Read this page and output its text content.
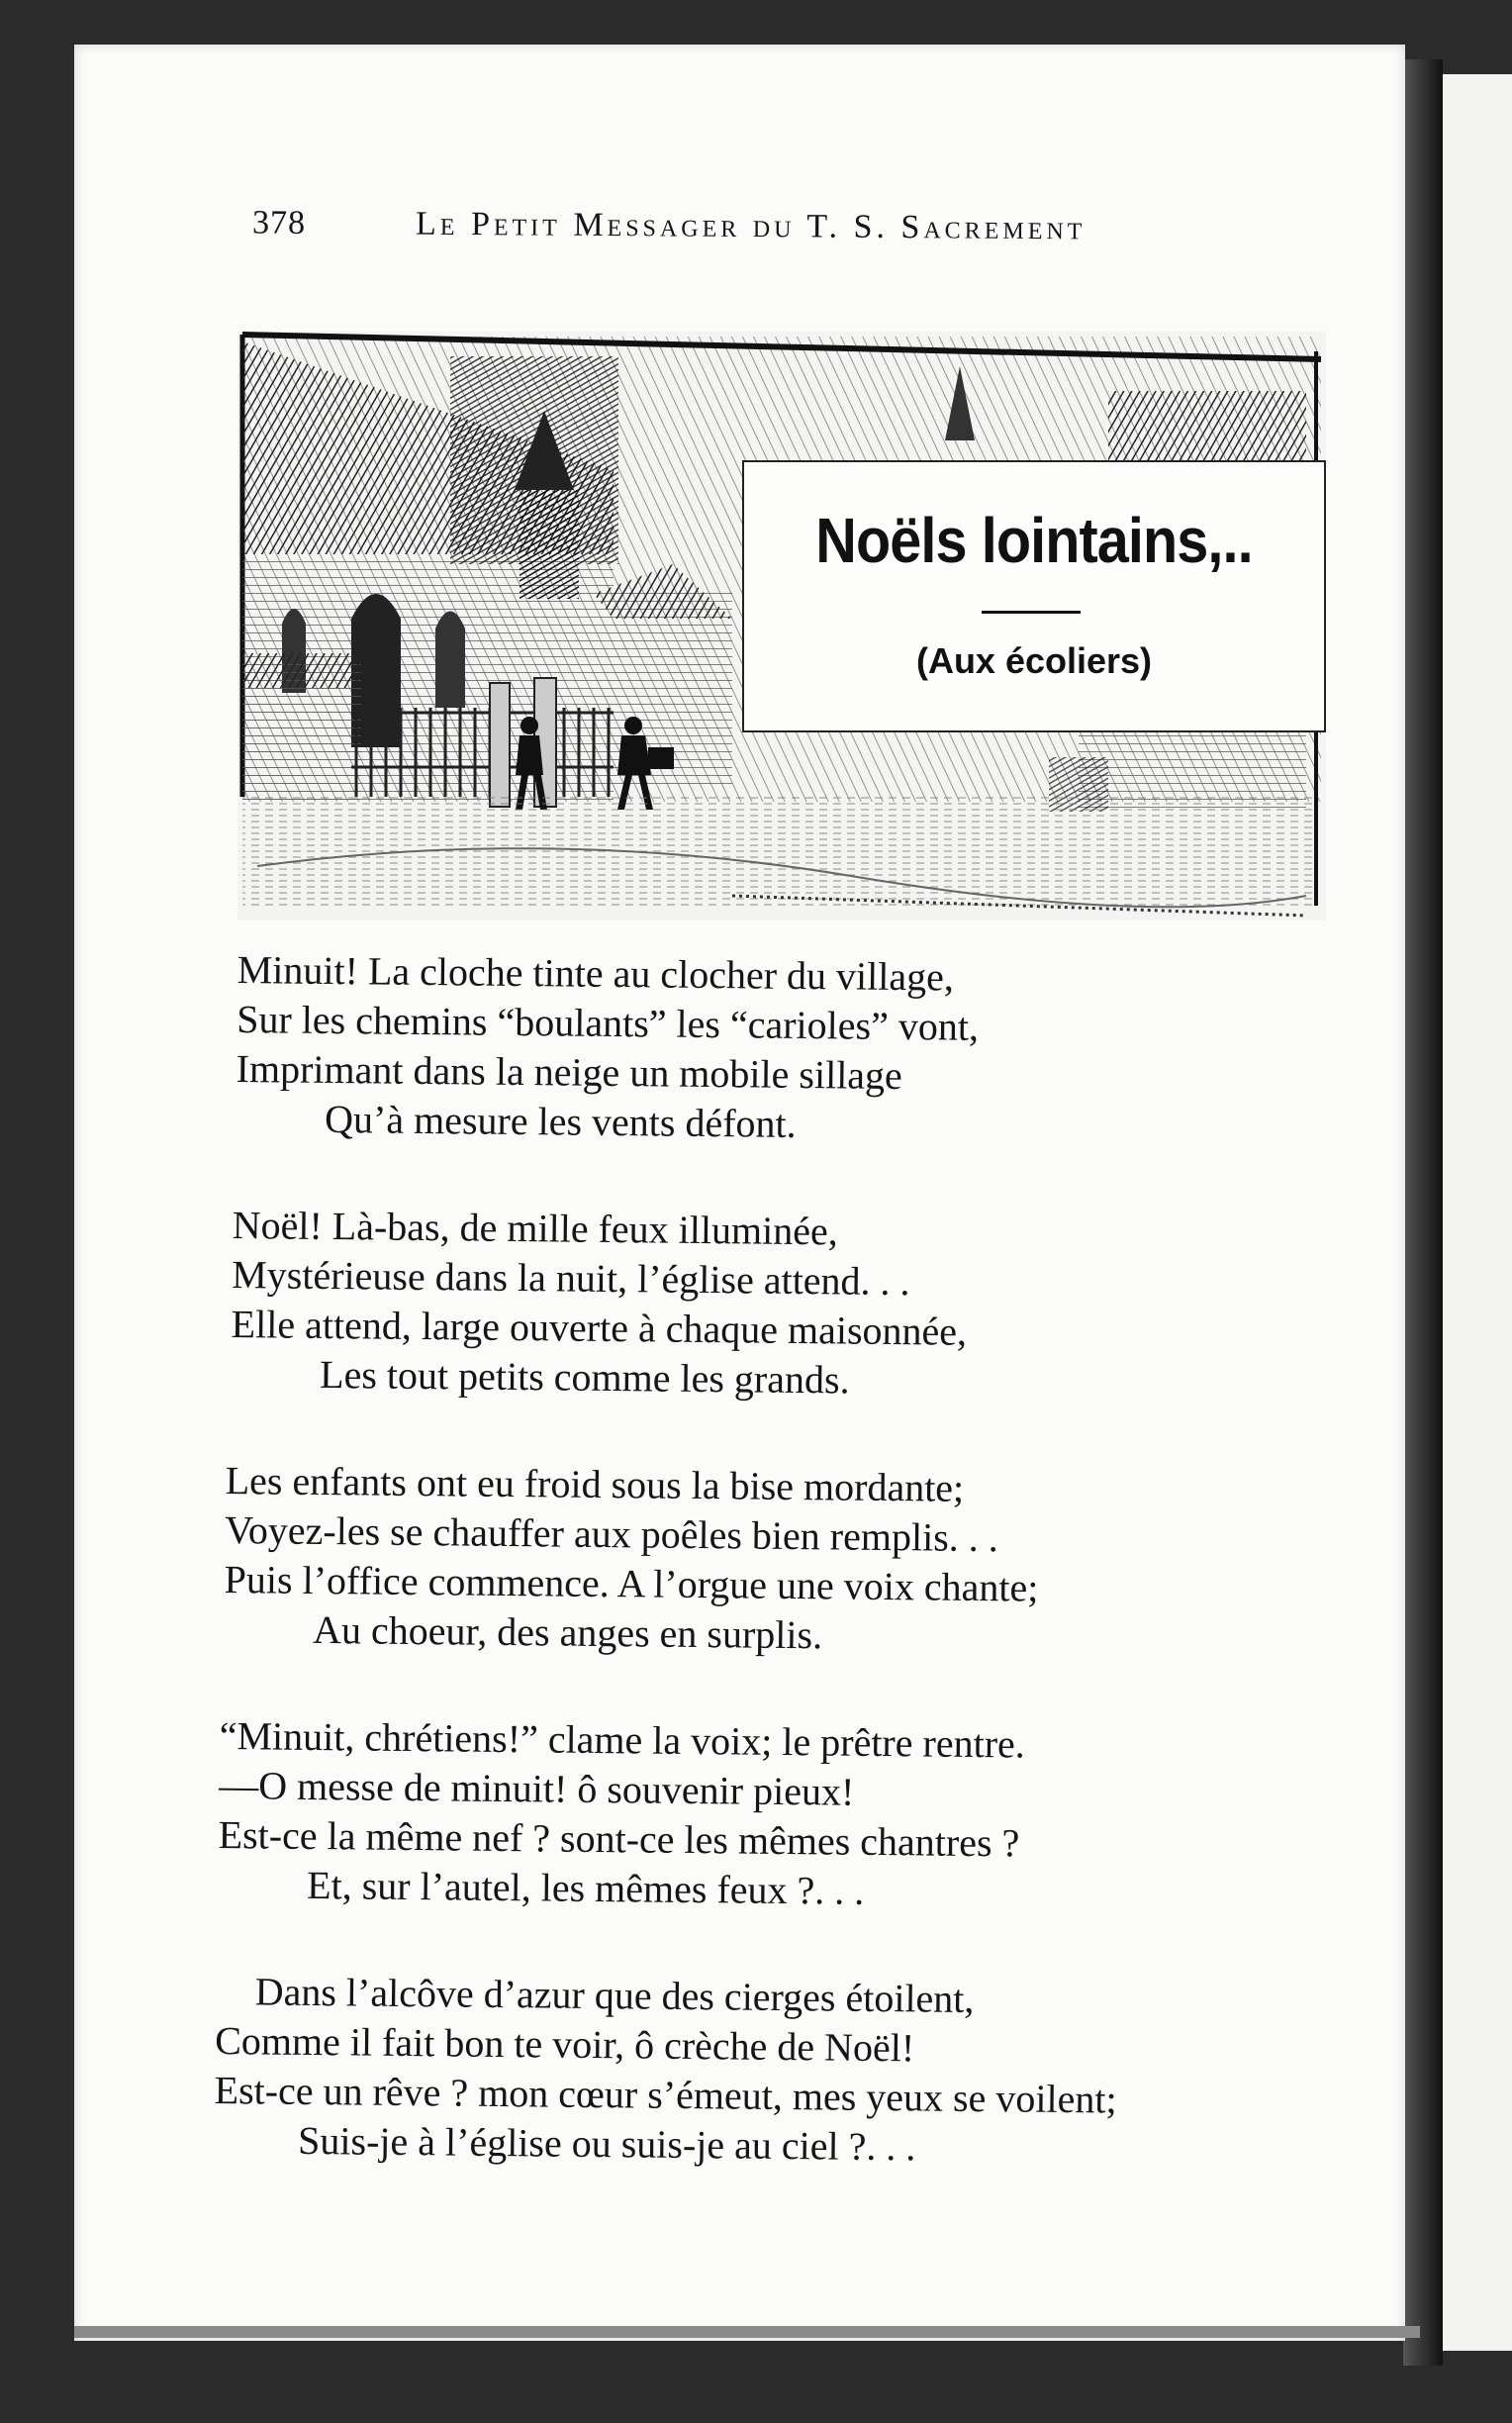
378	Le Petit Messager du T. S. Sacrement
Noëls lointains,..
(Aux écoliers)
Minuit! La cloche tinte au clocher du village,
Sur les chemins “boulants” les “carioles” vont,
Imprimant dans la neige un mobile sillage
Qu’à mesure les vents défont.
Noël! Là-bas, de mille feux illuminée,
Mystérieuse dans la nuit, l’église attend. . .
Elle attend, large ouverte à chaque maisonnée,
Les tout petits comme les grands.
Les enfants ont eu froid sous la bise mordante;
Voyez-les se chauffer aux poêles bien remplis. . .
Puis l’office commence. A l’orgue une voix chante;
Au choeur, des anges en surplis.
“Minuit, chrétiens!” clame la voix; le prêtre rentre.
—O messe de minuit! ô souvenir pieux!
Est-ce la même nef ? sont-ce les mêmes chantres ?
Et, sur l’autel, les mêmes feux ?. . .
Dans l’alcôve d’azur que des cierges étoilent,
Comme il fait bon te voir, ô crèche de Noël!
Est-ce un rêve ? mon cœur s’émeut, mes yeux se voilent;
Suis-je à l’église ou suis-je au ciel ?. . .
